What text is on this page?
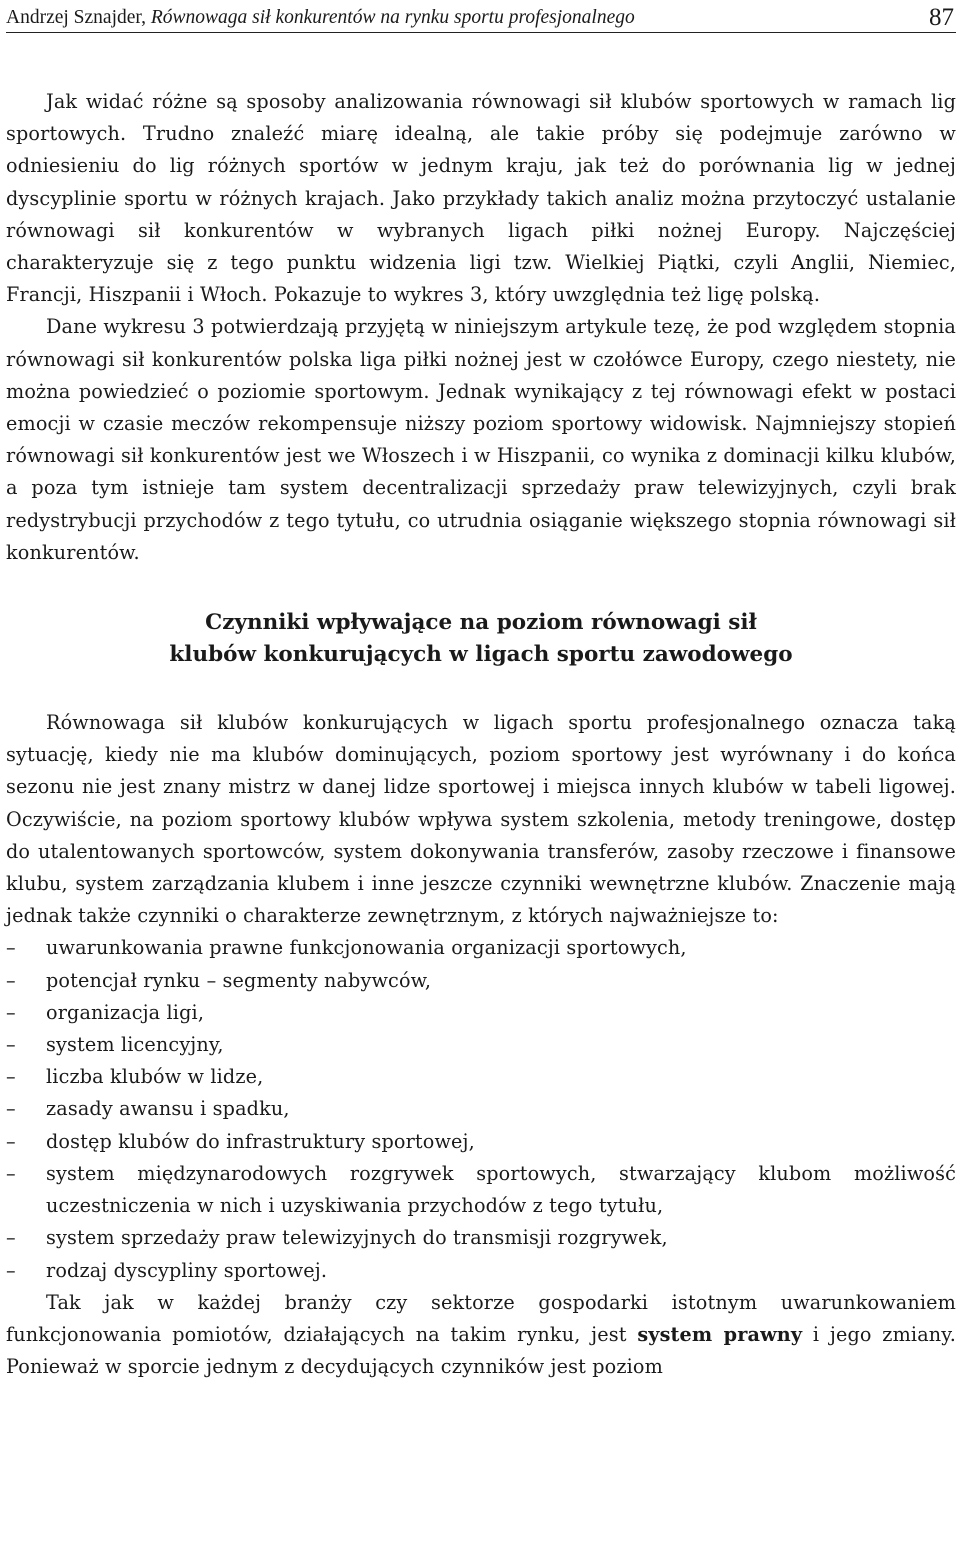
Andrzej Sznajder, Równowaga sił konkurentów na rynku sportu profesjonalnego	87

Jak widać różne są sposoby analizowania równowagi sił klubów sportowych w ramach lig sportowych. Trudno znaleźć miarę idealną, ale takie próby się podejmuje zarówno w odniesieniu do lig różnych sportów w jednym kraju, jak też do porównania lig w jednej dyscyplinie sportu w różnych krajach. Jako przykłady takich analiz można przytoczyć ustalanie równowagi sił konkurentów w wybranych ligach piłki nożnej Europy. Najczęściej charakteryzuje się z tego punktu widzenia ligi tzw. Wielkiej Piątki, czyli Anglii, Niemiec, Francji, Hiszpanii i Włoch. Pokazuje to wykres 3, który uwzględnia też ligę polską.

Dane wykresu 3 potwierdzają przyjętą w niniejszym artykule tezę, że pod względem stopnia równowagi sił konkurentów polska liga piłki nożnej jest w czołówce Europy, czego niestety, nie można powiedzieć o poziomie sportowym. Jednak wynikający z tej równowagi efekt w postaci emocji w czasie meczów rekompensuje niższy poziom sportowy widowisk. Najmniejszy stopień równowagi sił konkurentów jest we Włoszech i w Hiszpanii, co wynika z dominacji kilku klubów, a poza tym istnieje tam system decentralizacji sprzedaży praw telewizyjnych, czyli brak redystrybucji przychodów z tego tytułu, co utrudnia osiąganie większego stopnia równowagi sił konkurentów.

Czynniki wpływające na poziom równowagi sił
klubów konkurujących w ligach sportu zawodowego

Równowaga sił klubów konkurujących w ligach sportu profesjonalnego oznacza taką sytuację, kiedy nie ma klubów dominujących, poziom sportowy jest wyrównany i do końca sezonu nie jest znany mistrz w danej lidze sportowej i miejsca innych klubów w tabeli ligowej. Oczywiście, na poziom sportowy klubów wpływa system szkolenia, metody treningowe, dostęp do utalentowanych sportowców, system dokonywania transferów, zasoby rzeczowe i finansowe klubu, system zarządzania klubem i inne jeszcze czynniki wewnętrzne klubów. Znaczenie mają jednak także czynniki o charakterze zewnętrznym, z których najważniejsze to:

–	uwarunkowania prawne funkcjonowania organizacji sportowych,
–	potencjał rynku – segmenty nabywców,
–	organizacja ligi,
–	system licencyjny,
–	liczba klubów w lidze,
–	zasady awansu i spadku,
–	dostęp klubów do infrastruktury sportowej,
–	system międzynarodowych rozgrywek sportowych, stwarzający klubom możliwość uczestniczenia w nich i uzyskiwania przychodów z tego tytułu,
–	system sprzedaży praw telewizyjnych do transmisji rozgrywek,
–	rodzaj dyscypliny sportowej.

Tak jak w każdej branży czy sektorze gospodarki istotnym uwarunkowaniem funkcjonowania pomiotów, działających na takim rynku, jest system prawny i jego zmiany. Ponieważ w sporcie jednym z decydujących czynników jest poziom
